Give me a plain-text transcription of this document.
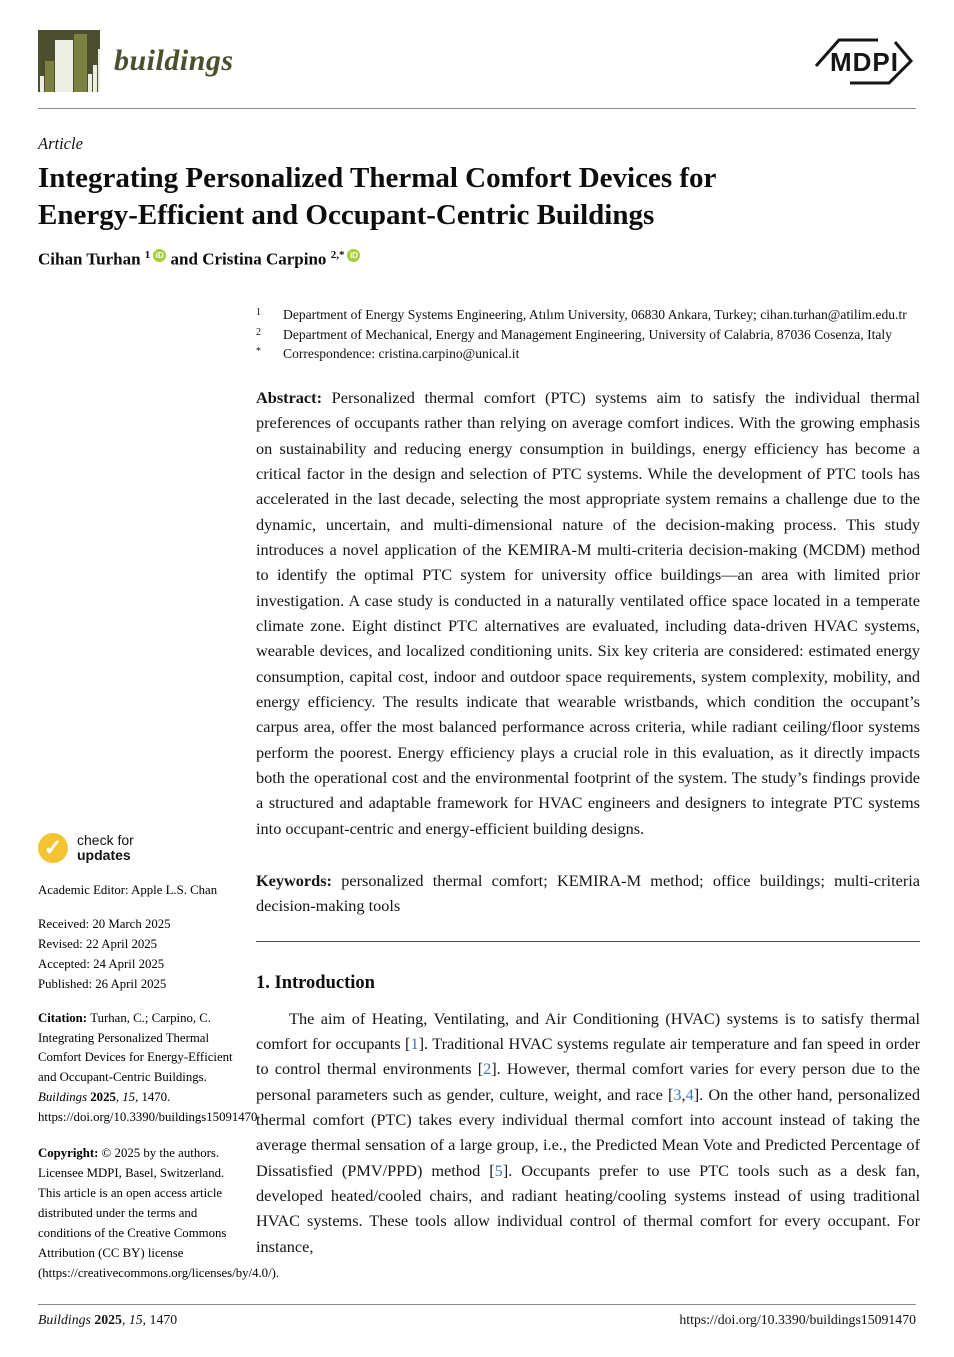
buildings	MDPI
Article
Integrating Personalized Thermal Comfort Devices for Energy-Efficient and Occupant-Centric Buildings
Cihan Turhan $^1$ iD and Cristina Carpino $^{2,*}$ iD
1	Department of Energy Systems Engineering, Atılım University, 06830 Ankara, Turkey; cihan.turhan@atilim.edu.tr
2	Department of Mechanical, Energy and Management Engineering, University of Calabria, 87036 Cosenza, Italy
*	Correspondence: cristina.carpino@unical.it

Abstract: Personalized thermal comfort (PTC) systems aim to satisfy the individual thermal preferences of occupants rather than relying on average comfort indices. With the growing emphasis on sustainability and reducing energy consumption in buildings, energy efficiency has become a critical factor in the design and selection of PTC systems. While the development of PTC tools has accelerated in the last decade, selecting the most appropriate system remains a challenge due to the dynamic, uncertain, and multi-dimensional nature of the decision-making process. This study introduces a novel application of the KEMIRA-M multi-criteria decision-making (MCDM) method to identify the optimal PTC system for university office buildings—an area with limited prior investigation. A case study is conducted in a naturally ventilated office space located in a temperate climate zone. Eight distinct PTC alternatives are evaluated, including data-driven HVAC systems, wearable devices, and localized conditioning units. Six key criteria are considered: estimated energy consumption, capital cost, indoor and outdoor space requirements, system complexity, mobility, and energy efficiency. The results indicate that wearable wristbands, which condition the occupant’s carpus area, offer the most balanced performance across criteria, while radiant ceiling/floor systems perform the poorest. Energy efficiency plays a crucial role in this evaluation, as it directly impacts both the operational cost and the environmental footprint of the system. The study’s findings provide a structured and adaptable framework for HVAC engineers and designers to integrate PTC systems into occupant-centric and energy-efficient building designs.

Keywords: personalized thermal comfort; KEMIRA-M method; office buildings; multi-criteria decision-making tools

1. Introduction

The aim of Heating, Ventilating, and Air Conditioning (HVAC) systems is to satisfy thermal comfort for occupants [1]. Traditional HVAC systems regulate air temperature and fan speed in order to control thermal environments [2]. However, thermal comfort varies for every person due to the personal parameters such as gender, culture, weight, and race [3,4]. On the other hand, personalized thermal comfort (PTC) takes every individual thermal comfort into account instead of taking the average thermal sensation of a large group, i.e., the Predicted Mean Vote and Predicted Percentage of Dissatisfied (PMV/PPD) method [5]. Occupants prefer to use PTC tools such as a desk fan, developed heated/cooled chairs, and radiant heating/cooling systems instead of using traditional HVAC systems. These tools allow individual control of thermal comfort for every occupant. For instance,

✓	check for
updates
Academic Editor: Apple L.S. Chan
Received: 20 March 2025
Revised: 22 April 2025
Accepted: 24 April 2025
Published: 26 April 2025
Citation: Turhan, C.; Carpino, C. Integrating Personalized Thermal Comfort Devices for Energy-Efficient and Occupant-Centric Buildings. Buildings 2025, 15, 1470. https://doi.org/10.3390/buildings15091470
Copyright: © 2025 by the authors. Licensee MDPI, Basel, Switzerland. This article is an open access article distributed under the terms and conditions of the Creative Commons Attribution (CC BY) license (https://creativecommons.org/licenses/by/4.0/).
Buildings 2025, 15, 1470	https://doi.org/10.3390/buildings15091470
